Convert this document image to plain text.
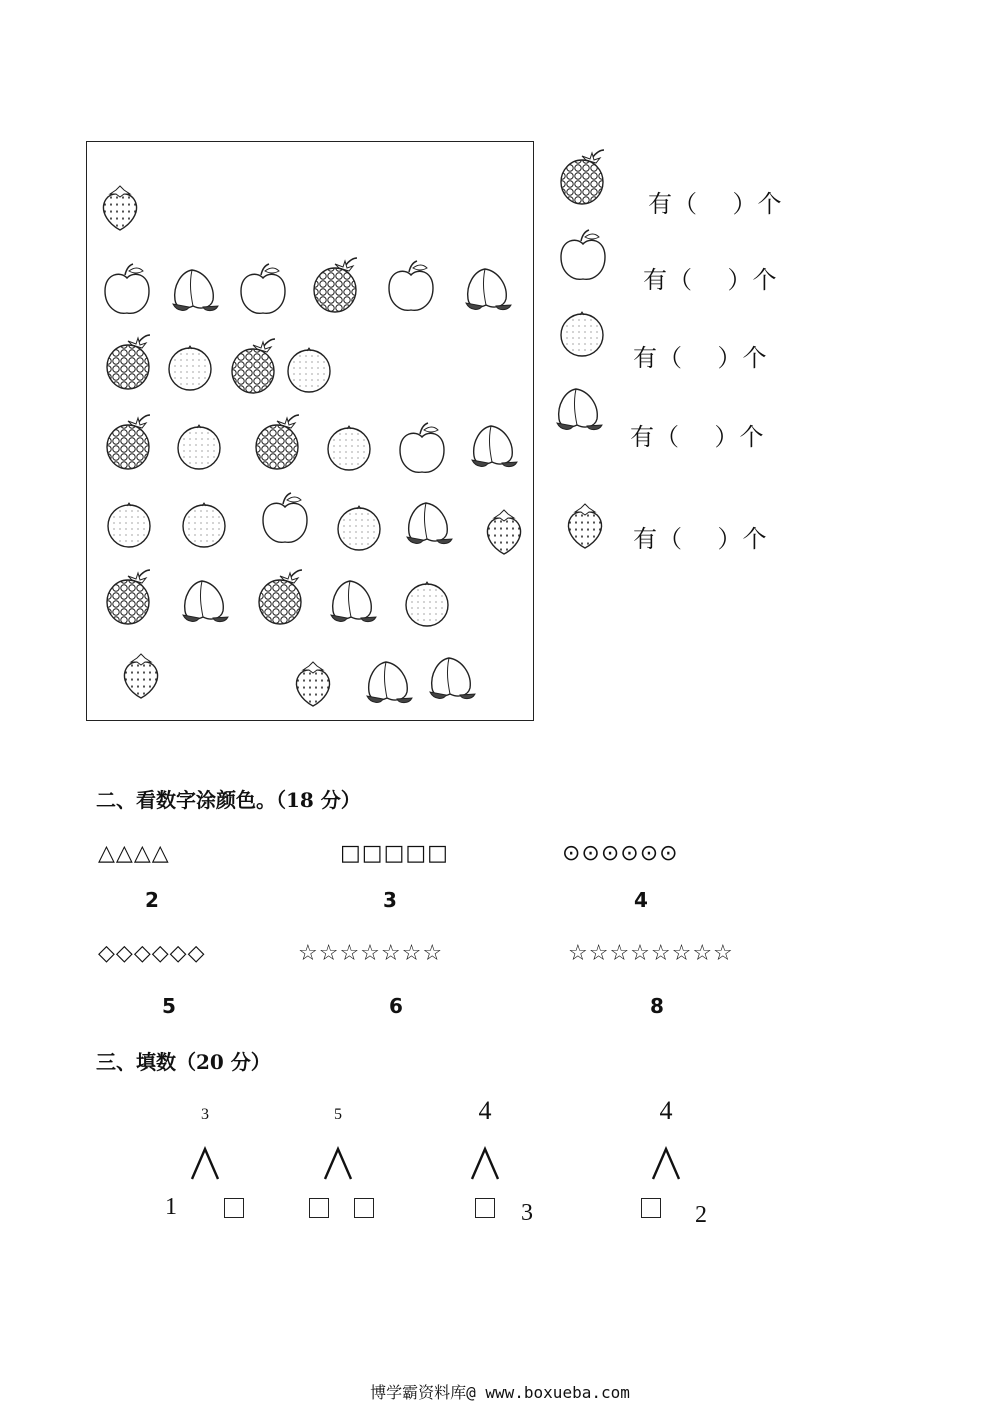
有（    ）个
有（    ）个
有（    ）个
有（    ）个
有（    ）个
二、看数字涂颜色。（18 分）
△△△△	□□□□□	⊙⊙⊙⊙⊙⊙
2	3	4
◇◇◇◇◇◇	☆☆☆☆☆☆☆	☆☆☆☆☆☆☆☆
5	6	8
三、填数（20 分）
3
1
5	4
3
4
2
博学霸资料库@ www.boxueba.com
